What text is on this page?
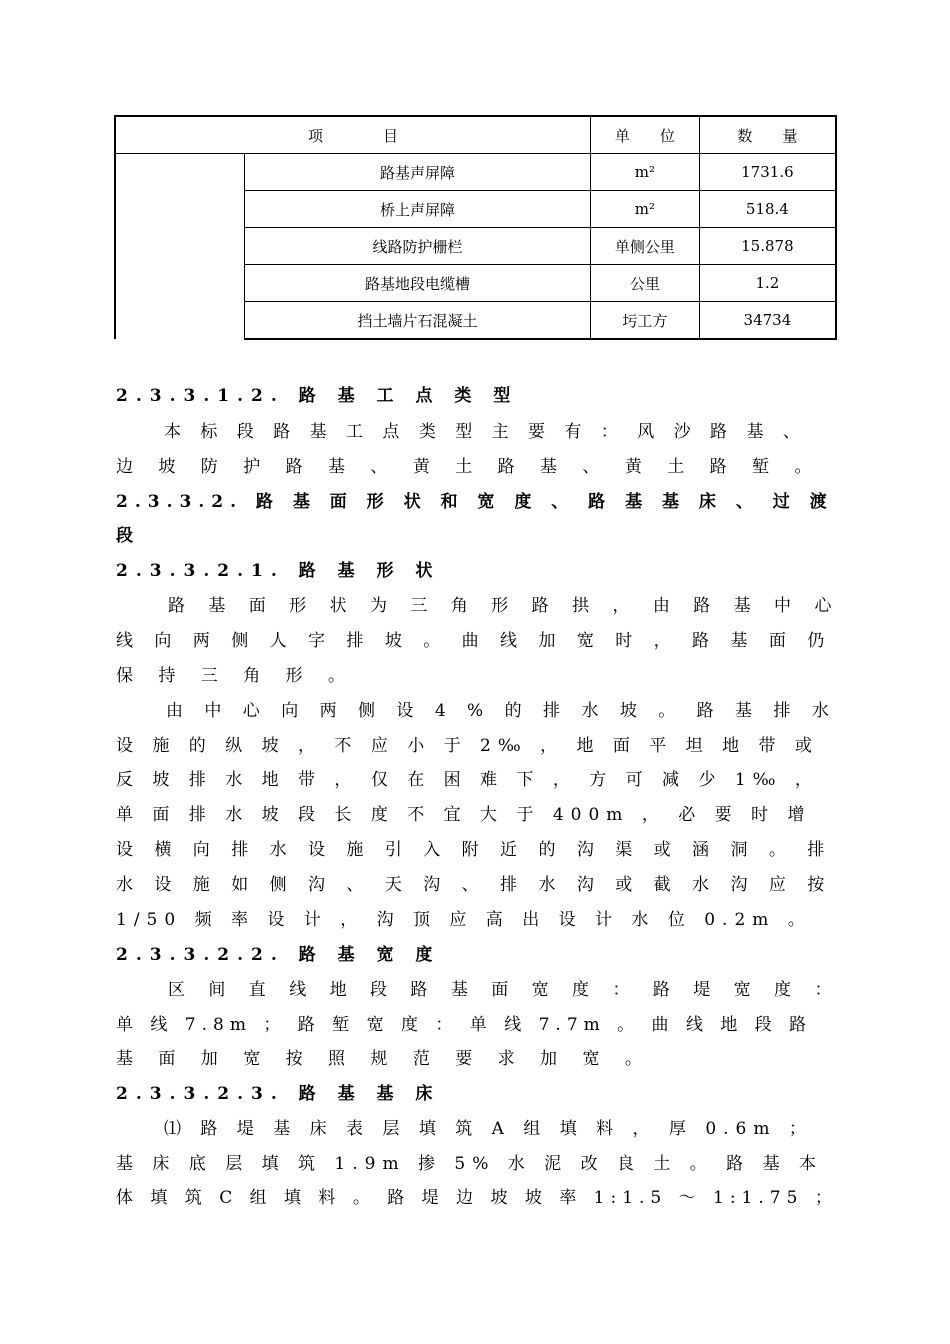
项　　　　目		单　　位	数　　量
	路基声屏障	m²	1731.6
	桥上声屏障	m²	518.4
	线路防护栅栏	单侧公里	15.878
	路基地段电缆槽	公里	1.2
	挡土墙片石混凝土	圬工方	34734
2.3.3.1.2. 路 基 工 点 类 型
　　本 标 段 路 基 工 点 类 型 主 要 有 ： 风 沙 路 基 、
边 坡 防 护 路 基 、 黄 土 路 基 、 黄 土 路 堑 。
2.3.3.2. 路 基 面 形 状 和 宽 度 、 路 基 基 床 、 过 渡
段
2.3.3.2.1. 路 基 形 状
　　路 基 面 形 状 为 三 角 形 路 拱 ， 由 路 基 中 心
线 向 两 侧 人 字 排 坡 。 曲 线 加 宽 时 ， 路 基 面 仍
保 持 三 角 形 。
　　由 中 心 向 两 侧 设 4 % 的 排 水 坡 。 路 基 排 水
设 施 的 纵 坡 ， 不 应 小 于 2‰ ， 地 面 平 坦 地 带 或
反 坡 排 水 地 带 ， 仅 在 困 难 下 ， 方 可 减 少 1‰ ，
单 面 排 水 坡 段 长 度 不 宜 大 于 400m ， 必 要 时 增
设 横 向 排 水 设 施 引 入 附 近 的 沟 渠 或 涵 洞 。 排
水 设 施 如 侧 沟 、 天 沟 、 排 水 沟 或 截 水 沟 应 按
1/50 频 率 设 计 ， 沟 顶 应 高 出 设 计 水 位 0.2m 。
2.3.3.2.2. 路 基 宽 度
　　区 间 直 线 地 段 路 基 面 宽 度 ： 路 堤 宽 度 ：
单 线 7.8m ； 路 堑 宽 度 ： 单 线 7.7m 。 曲 线 地 段 路
基 面 加 宽 按 照 规 范 要 求 加 宽 。
2.3.3.2.3. 路 基 基 床
　　⑴ 路 堤 基 床 表 层 填 筑 A 组 填 料 ， 厚 0.6m ；
基 床 底 层 填 筑 1.9m 掺 5% 水 泥 改 良 土 。 路 基 本
体 填 筑 C 组 填 料 。 路 堤 边 坡 坡 率 1:1.5 ～ 1:1.75 ；
